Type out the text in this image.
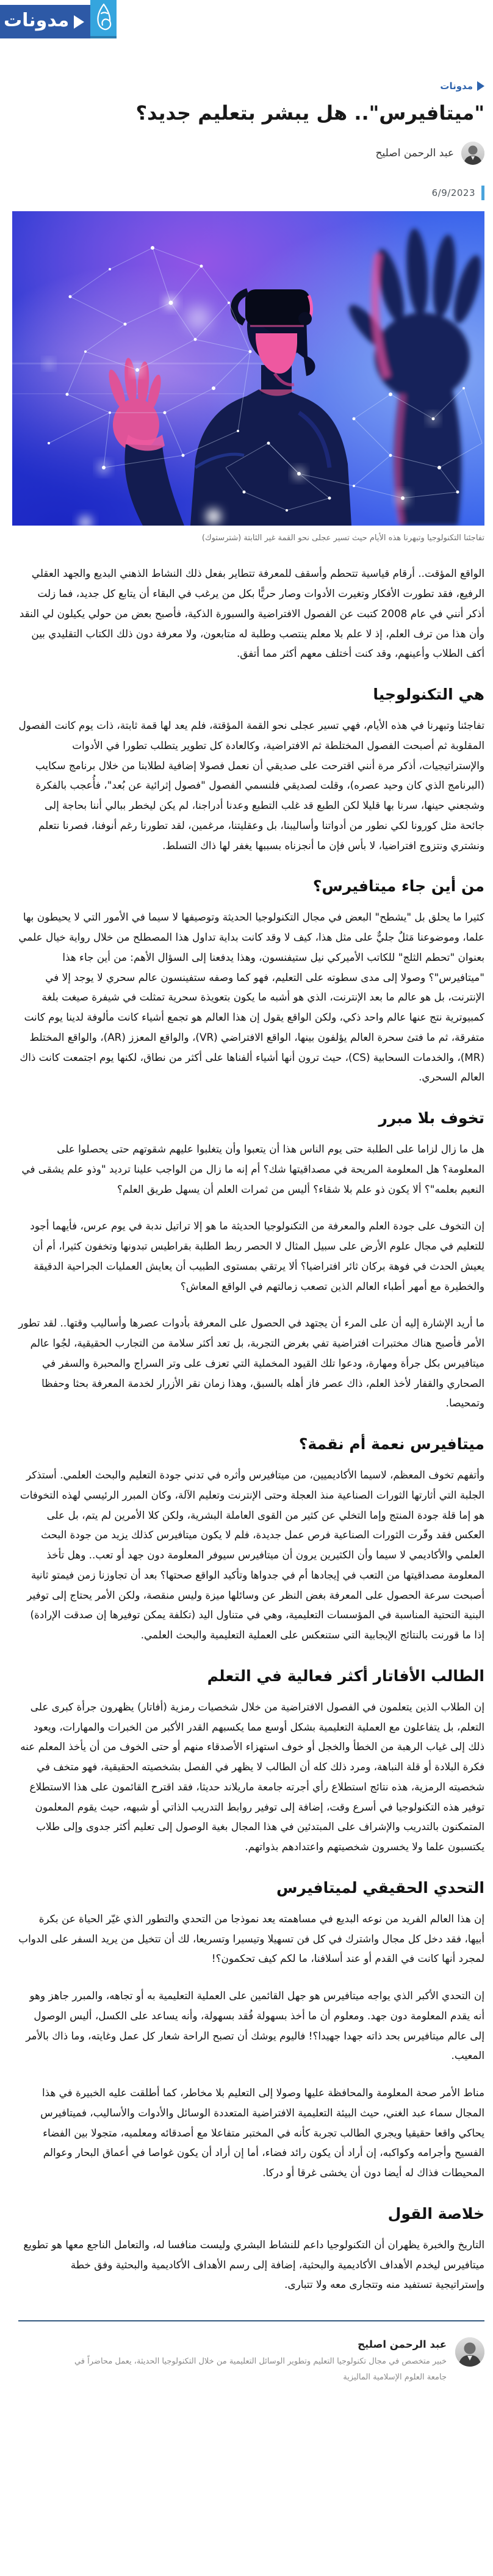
مدونات
مدونات
"ميتافيرس".. هل يبشر بتعليم جديد؟
عبد الرحمن اصليح
6/9/2023
تفاجئنا التكنولوجيا وتبهرنا هذه الأيام حيث تسير عجلى نحو القمة غير الثابتة (شترستوك)

الواقع المؤقت.. أرقام قياسية تتحطم وأسقف للمعرفة تتطاير بفعل ذلك النشاط الذهني البديع والجهد العقلي الرفيع، فقد تطورت الأفكار وتغيرت الأدوات وصار حريًّا بكل من يرغب في البقاء أن يتابع كل جديد، فما زلت أذكر أنني في عام 2008 كتبت عن الفصول الافتراضية والسبورة الذكية، فأصبح بعض من حولي يكيلون لي النقد وأن هذا من ترف العلم، إذ لا علم بلا معلم ينتصب وطلبة له متابعون، ولا معرفة دون ذلك الكتاب التقليدي بين أكف الطلاب وأعينهم، وقد كنت أختلف معهم أكثر مما أتفق.

هي التكنولوجيا

تفاجئنا وتبهرنا في هذه الأيام، فهي تسير عجلى نحو القمة المؤقتة، فلم يعد لها قمة ثابتة، ذات يوم كانت الفصول المقلوبة ثم أصبحت الفصول المختلطة ثم الافتراضية، وكالعادة كل تطوير يتطلب تطورا في الأدوات والإستراتيجيات، أذكر مرة أنني اقترحت على صديقي أن نعمل فصولا إضافية لطلابنا من خلال برنامج سكايب (البرنامج الذي كان وحيد عصره)، وقلت لصديقي فلنسمي الفصول "فصول إثرائية عن بُعد"، فأُعجب بالفكرة وشجعني حينها، سرنا بها قليلا لكن الطبع قد غلب التطبع وعدنا أدراجنا، لم يكن ليخطر ببالي أننا بحاجة إلى جائحة مثل كورونا لكي نطور من أدواتنا وأساليبنا، بل وعقليتنا، مرغمين، لقد تطورنا رغم أنوفنا، فصرنا نتعلم ونشتري ونتزوج افتراضيا، لا بأس فإن ما أنجزناه بسببها يغفر لها ذاك التسلط.

من أين جاء ميتافيرس؟

كثيرا ما يحلق بل "يشطح" البعض في مجال التكنولوجيا الحديثة وتوصيفها لا سيما في الأمور التي لا يحيطون بها علما، وموضوعنا مَثلٌ جليٌّ على مثل هذا، كيف لا وقد كانت بداية تداول هذا المصطلح من خلال رواية خيال علمي بعنوان "تحطم الثلج" للكاتب الأميركي نيل ستيفنسون، وهذا يدفعنا إلى السؤال الأهم: من أين جاء هذا "ميتافيرس"؟ وصولا إلى مدى سطوته على التعليم، فهو كما وصفه ستفينسون عالم سحري لا يوجد إلا في الإنترنت، بل هو عالم ما بعد الإنترنت، الذي هو أشبه ما يكون بتعويذة سحرية تمثلت في شيفرة صيغت بلغة كمبيوترية نتج عنها عالم واحد ذكي، ولكن الواقع يقول إن هذا العالم هو تجمع أشياء كانت مألوفة لدينا يوم كانت متفرقة، ثم ما فتئ سحرة العالم يؤلفون بينها، الواقع الافتراضي (VR)، والواقع المعزز (AR)، والواقع المختلط (MR)، والخدمات السحابية (CS)، حيث ترون أنها أشياء ألفناها على أكثر من نطاق، لكنها يوم اجتمعت كانت ذاك العالم السحري.

تخوف بلا مبرر

هل ما زال لزاما على الطلبة حتى يوم الناس هذا أن يتعبوا وأن يتغلبوا عليهم شقوتهم حتى يحصلوا على المعلومة؟ هل المعلومة المريحة في مصداقيتها شك؟ أم إنه ما زال من الواجب علينا ترديد "وذو علم يشقى في النعيم بعلمه"؟ ألا يكون ذو علم بلا شقاء؟ أليس من ثمرات العلم أن يسهل طريق العلم؟

إن التخوف على جودة العلم والمعرفة من التكنولوجيا الحديثة ما هو إلا تراتيل ندبة في يوم عرس، فأيهما أجود للتعليم في مجال علوم الأرض على سبيل المثال لا الحصر ربط الطلبة بقراطيس تبدونها وتخفون كثيرا، أم أن يعيش الحدث في فوهة بركان ثائر افتراضيا؟ ألا يرتقي بمستوى الطبيب أن يعايش العمليات الجراحية الدقيقة والخطيرة مع أمهر أطباء العالم الذين تصعب زمالتهم في الواقع المعاش؟

ما أريد الإشارة إليه أن على المرء أن يجتهد في الحصول على المعرفة بأدوات عصرها وأساليب وقتها.. لقد تطور الأمر فأصبح هناك مختبرات افتراضية تفي بغرض التجربة، بل تعد أكثر سلامة من التجارب الحقيقية، لجُوا عالم ميتافيرس بكل جرأة ومهارة، ودعوا تلك القيود المخملية التي تعزف على وتر السراج والمحبرة والسفر في الصحاري والقفار لأخذ العلم، ذاك عصر فاز أهله بالسبق، وهذا زمان نقر الأزرار لخدمة المعرفة بحثا وحفظا وتمحيصا.

ميتافيرس نعمة أم نقمة؟

وأتفهم تخوف المعظم، لاسيما الأكاديميين، من ميتافيرس وأثره في تدني جودة التعليم والبحث العلمي. أستذكر الجلبة التي أثارتها الثورات الصناعية منذ العجلة وحتى الإنترنت وتعليم الآلة، وكان المبرر الرئيسي لهذه التخوفات هو إما قلة جودة المنتج وإما التخلي عن كثير من القوى العاملة البشرية، ولكن كلا الأمرين لم يتم، بل على العكس فقد وفّرت الثورات الصناعية فرص عمل جديدة، فلم لا يكون ميتافيرس كذلك يزيد من جودة البحث العلمي والأكاديمي لا سيما وأن الكثيرين يرون أن ميتافيرس سيوفر المعلومة دون جهد أو تعب.. وهل تأخذ المعلومة مصداقيتها من التعب في إيجادها أم في جدواها وتأكيد الواقع صحتها؟ بعد أن تجاوزنا زمن فيمتو ثانية أصبحت سرعة الحصول على المعرفة بغض النظر عن وسائلها ميزة وليس منقصة، ولكن الأمر يحتاج إلى توفير البنية التحتية المناسبة في المؤسسات التعليمية، وهي في متناول اليد (تكلفة يمكن توفيرها إن صدقت الإرادة) إذا ما قورنت بالنتائج الإيجابية التي ستنعكس على العملية التعليمية والبحث العلمي.

الطالب الأفاتار أكثر فعالية في التعلم

إن الطلاب الذين يتعلمون في الفصول الافتراضية من خلال شخصيات رمزية (أفاتار) يظهرون جرأة كبرى على التعلم، بل يتفاعلون مع العملية التعليمية بشكل أوسع مما يكسبهم القدر الأكبر من الخبرات والمهارات، ويعود ذلك إلى غياب الرهبة من الخطأ والخجل أو خوف استهزاء الأصدقاء منهم أو حتى الخوف من أن يأخذ المعلم عنه فكرة البلادة أو قلة النباهة، ومرد ذلك كله أن الطالب لا يظهر في الفصل بشخصيته الحقيقية، فهو متخف في شخصيته الرمزية، هذه نتائج استطلاع رأي أجرته جامعة ماريلاند حديثا، فقد اقترح القائمون على هذا الاستطلاع توفير هذه التكنولوجيا في أسرع وقت، إضافة إلى توفير روابط التدريب الذاتي أو شبهه، حيث يقوم المعلمون المتمكنون بالتدريب والإشراف على المبتدئين في هذا المجال بغية الوصول إلى تعليم أكثر جدوى وإلى طلاب يكتسبون علما ولا يخسرون شخصيتهم واعتدادهم بذواتهم.

التحدي الحقيقي لميتافيرس

إن هذا العالم الفريد من نوعه البديع في مساهمته يعد نموذجا من التحدي والتطور الذي غيّر الحياة عن بكرة أبيها، فقد دخل كل مجال واشترك في كل فن تسهيلا وتيسيرا وتسريعا، لك أن تتخيل من يريد السفر على الدواب لمجرد أنها كانت في القدم أو عند أسلافنا، ما لكم كيف تحكمون؟!

إن التحدي الأكبر الذي يواجه ميتافيرس هو جهل القائمين على العملية التعليمية به أو تجاهه، والمبرر جاهز وهو أنه يقدم المعلومة دون جهد. ومعلوم أن ما أخذ بسهولة فُقد بسهولة، وأنه يساعد على الكسل، أليس الوصول إلى عالم ميتافيرس بحد ذاته جهدا جهيدا؟! فاليوم يوشك أن تصبح الراحة شعار كل عمل وغايته، وما ذاك بالأمر المعيب.

مناط الأمر صحة المعلومة والمحافظة عليها وصولا إلى التعليم بلا مخاطر، كما أطلقت عليه الخبيرة في هذا المجال سماء عبد الغني، حيث البيئة التعليمية الافتراضية المتعددة الوسائل والأدوات والأساليب، فميتافيرس يحاكي واقعا حقيقيا ويجري الطالب تجربة كأنه في المختبر متفاعلا مع أصدقائه ومعلميه، متجولا بين الفضاء الفسيح وأجرامه وكواكبه، إن أراد أن يكون رائد فضاء، أما إن أراد أن يكون غواصا في أعماق البحار وعوالم المحيطات فذاك له أيضا دون أن يخشى غرقا أو دركا.

خلاصة القول

التاريخ والخبرة يظهران أن التكنولوجيا داعم للنشاط البشري وليست منافسا له، والتعامل الناجع معها هو تطويع ميتافيرس ليخدم الأهداف الأكاديمية والبحثية، إضافة إلى رسم الأهداف الأكاديمية والبحثية وفق خطة وإستراتيجية تستفيد منه وتتجارى معه ولا تتبارى.

عبد الرحمن اصليح
خبير متخصص في مجال تكنولوجيا التعليم وتطوير الوسائل التعليمية من خلال التكنولوجيا الحديثة، يعمل محاضراً في جامعة العلوم الإسلامية الماليزية
